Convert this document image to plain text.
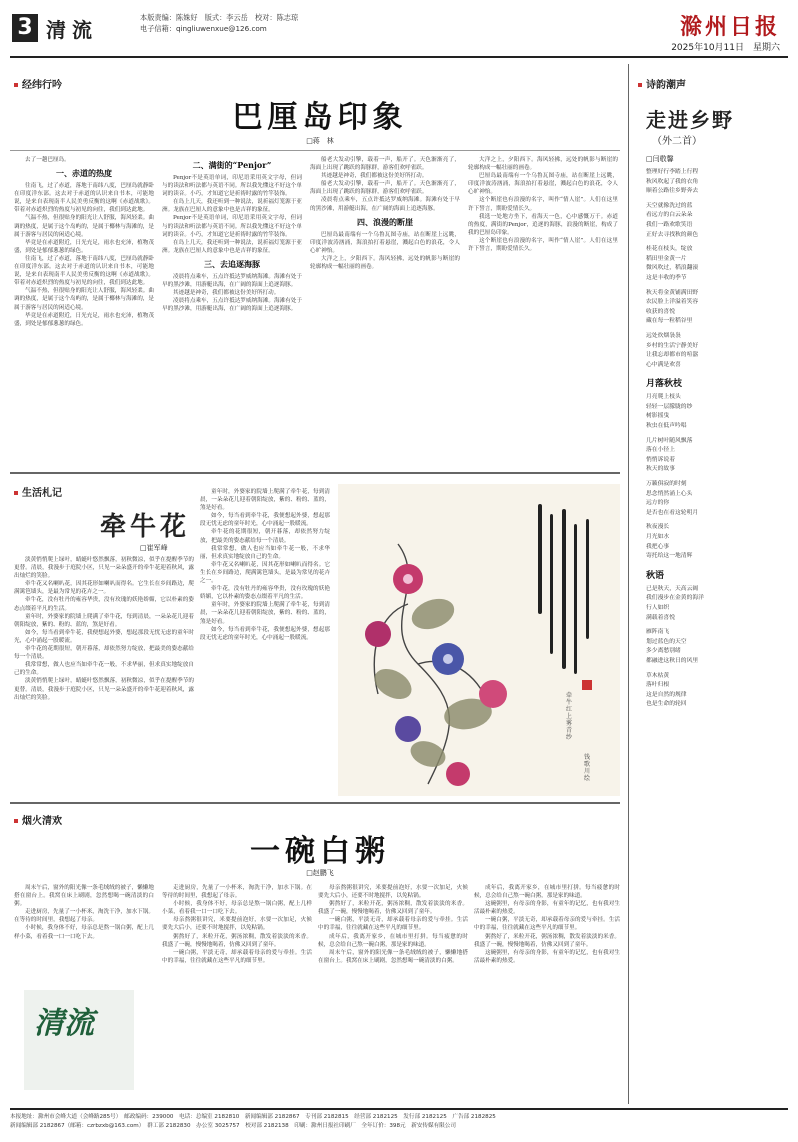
3 清流
本版责编：陈姝好　版式：李云岳　校对：陈志琼
电子信箱：qingliuwenxue@126.com	滁州日报
2025年10月11日　星期六
经纬行吟
巴厘岛印象
□蒋　林

去了一趟巴厘岛。

一、赤道的热度

往南飞，过了赤道，落地于南纬八度，巴厘岛就静卧在印度洋东部。这去对于赤道的认识来自书本，可能地说，是来自表现南半人民美勇反衡的这啊《赤道战歌》。带着对赤道炽烈的热度与初见的向往，我们到达此地。

气温不热，但很贴身的阳光让人舒服，海风轻柔。曲调的热度，是属于这个岛屿的，是属于椰林与海滩的，是属于游客与居民的闲适心境。

毕竟是在赤道附近，日光充足，雨水也充沛，植物茂盛，到处是郁郁葱葱的绿色。

往南飞，过了赤道，落地于南纬八度，巴厘岛就静卧在印度洋东部。这去对于赤道的认识来自书本，可能地说，是来自表现南半人民美勇反衡的这啊《赤道战歌》。带着对赤道炽烈的热度与初见的向往，我们到达此地。

气温不热，但很贴身的阳光让人舒服，海风轻柔。曲调的热度，是属于这个岛屿的，是属于椰林与海滩的，是属于游客与居民的闲适心境。

毕竟是在赤道附近，日光充足，雨水也充沛，植物茂盛，到处是郁郁葱葱的绿色。

二、满街的“Penjor”

Penjor不是英语单词，印尼语采用英文字母，但词与的读法和听法都与英语不同。所以我先懂这不好这个单词的读音。小巧，才知道它是祈祷时露的竹竿装饰。

在岛上几天，我还听到一种说法，说祈福灯笼源于亚洲。龙族在巴厘人的意象中也是吉祥的象征。

Penjor不是英语单词，印尼语采用英文字母，但词与的读法和听法都与英语不同。所以我先懂这不好这个单词的读音。小巧，才知道它是祈祷时露的竹竿装饰。

在岛上几天，我还听到一种说法，说祈福灯笼源于亚洲。龙族在巴厘人的意象中也是吉祥的象征。

三、去追逐海豚

凌晨将点乘车，五点许抵达罗威纳海滩。海滩有处于早的黑沙滩，用游艇出海，在广阔的海面上追逐海豚。

其迹越是神奇，我们都被这份美好所打动。

凌晨将点乘车，五点许抵达罗威纳海滩。海滩有处于早的黑沙滩，用游艇出海，在广阔的海面上追逐海豚。

船老大发动引擎，载着一声，船开了。天色渐渐亮了，海面上出现了跳跃的海豚群，游客们欢呼雀跃。

其迹越是神奇，我们都被这份美好所打动。

船老大发动引擎，载着一声，船开了。天色渐渐亮了，海面上出现了跳跃的海豚群，游客们欢呼雀跃。

凌晨将点乘车，五点许抵达罗威纳海滩。海滩有处于早的黑沙滩，用游艇出海，在广阔的海面上追逐海豚。

四、浪漫的断崖

巴厘岛最南端有一个乌鲁瓦图寺庙，站在断崖上远眺，印度洋波涛汹涌，海浪拍打着悬崖，溅起白色的浪花，令人心旷神怡。

大洋之上，夕阳西下。海风轻拂，远处的帆影与断崖的轮廓构成一幅壮丽的画卷。

大洋之上，夕阳西下。海风轻拂，远处的帆影与断崖的轮廓构成一幅壮丽的画卷。

巴厘岛最南端有一个乌鲁瓦图寺庙，站在断崖上远眺，印度洋波涛汹涌，海浪拍打着悬崖，溅起白色的浪花，令人心旷神怡。

这个断崖也有浪漫的名字，叫作“情人崖”。人们在这里许下誓言，期盼爱情长久。

我选一处地方坐下，看海天一色，心中感慨万千。赤道的热度，满街的Penjor，追逐的海豚，浪漫的断崖，构成了我的巴厘岛印象。

这个断崖也有浪漫的名字，叫作“情人崖”。人们在这里许下誓言，期盼爱情长久。

生活札记
牵牛花
□崔军峰

淡黄悄悄爬上绿叶，蜻蜓叶悠然飘落，初秋微凉，似乎在提醒季节的更替。清晨，我漫步于庭院小区，只见一朵朵盛开的牵牛花迎着秋风，露出灿烂的笑脸。

牵牛花又名喇叭花，因其花形如喇叭而得名。它生长在乡间路边，爬满篱笆墙头，是最为常见的花卉之一。

牵牛花，没有牡丹的雍容华贵，没有玫瑰的妖艳娇媚，它以朴素的姿态点缀着平凡的生活。

童年时，外婆家的院墙上爬满了牵牛花，每到清晨，一朵朵花儿迎着朝阳绽放，紫的、粉的、蓝的，煞是好看。

如今，每当看到牵牛花，我便想起外婆，想起那段无忧无虑的童年时光，心中涌起一股暖流。

牵牛花的花期很短，朝开暮落，却依然努力绽放，把最美的姿态献给每一个清晨。

我常常想，做人也应当如牵牛花一般，不求华丽，但求真实地绽放自己的生命。

淡黄悄悄爬上绿叶，蜻蜓叶悠然飘落，初秋微凉，似乎在提醒季节的更替。清晨，我漫步于庭院小区，只见一朵朵盛开的牵牛花迎着秋风，露出灿烂的笑脸。

童年时，外婆家的院墙上爬满了牵牛花，每到清晨，一朵朵花儿迎着朝阳绽放，紫的、粉的、蓝的，煞是好看。

如今，每当看到牵牛花，我便想起外婆，想起那段无忧无虑的童年时光，心中涌起一股暖流。

牵牛花的花期很短，朝开暮落，却依然努力绽放，把最美的姿态献给每一个清晨。

我常常想，做人也应当如牵牛花一般，不求华丽，但求真实地绽放自己的生命。

牵牛花又名喇叭花，因其花形如喇叭而得名。它生长在乡间路边，爬满篱笆墙头，是最为常见的花卉之一。

牵牛花，没有牡丹的雍容华贵，没有玫瑰的妖艳娇媚，它以朴素的姿态点缀着平凡的生活。

童年时，外婆家的院墙上爬满了牵牛花，每到清晨，一朵朵花儿迎着朝阳绽放，紫的、粉的、蓝的，煞是好看。

如今，每当看到牵牛花，我便想起外婆，想起那段无忧无虑的童年时光，心中涌起一股暖流。

牵牛红上雾青纱
钱歌川 绘
烟火清欢
一碗白粥
□赵鹏飞

周末午后，窗外的阳光像一条毛绒绒的被子，懒懒地搭在窗台上。我窝在床上刷剧，忽然想喝一碗清淡的白粥。

走进厨房，先量了一小杯米，淘洗干净，加水下锅。在等待的时间里，我想起了母亲。

小时候，我身体不好，母亲总是熬一锅白粥，配上几样小菜，看着我一口一口吃下去。

清流

走进厨房，先量了一小杯米，淘洗干净，加水下锅。在等待的时间里，我想起了母亲。

小时候，我身体不好，母亲总是熬一锅白粥，配上几样小菜，看着我一口一口吃下去。

母亲熬粥很讲究，米要提前泡好，水要一次加足，火候要先大后小，还要不时地搅拌，以免粘锅。

粥熬好了，米粒开花，粥汤浓稠，散发着淡淡的米香。我盛了一碗，慢慢地喝着，仿佛又回到了童年。

一碗白粥，平淡无奇，却承载着母亲的爱与牵挂。生活中的幸福，往往就藏在这些平凡的细节里。

母亲熬粥很讲究，米要提前泡好，水要一次加足，火候要先大后小，还要不时地搅拌，以免粘锅。

粥熬好了，米粒开花，粥汤浓稠，散发着淡淡的米香。我盛了一碗，慢慢地喝着，仿佛又回到了童年。

一碗白粥，平淡无奇，却承载着母亲的爱与牵挂。生活中的幸福，往往就藏在这些平凡的细节里。

成年后，我离开家乡，在城市里打拼。每当疲惫的时候，总会给自己熬一碗白粥，那是家的味道。

周末午后，窗外的阳光像一条毛绒绒的被子，懒懒地搭在窗台上。我窝在床上刷剧，忽然想喝一碗清淡的白粥。

成年后，我离开家乡，在城市里打拼。每当疲惫的时候，总会给自己熬一碗白粥，那是家的味道。

这碗粥里，有母亲的身影，有童年的记忆，也有我对生活最朴素的热爱。

一碗白粥，平淡无奇，却承载着母亲的爱与牵挂。生活中的幸福，往往就藏在这些平凡的细节里。

粥熬好了，米粒开花，粥汤浓稠，散发着淡淡的米香。我盛了一碗，慢慢地喝着，仿佛又回到了童年。

这碗粥里，有母亲的身影，有童年的记忆，也有我对生活最朴素的热爱。

诗韵潮声
走进乡野
（外二首）
□闫敬馨
整理好行李踏上行程
秋风吹起了我的衣角
顺着公路往乡野奔去

天空就像洗过的蓝
看远方的白云朵朵
我们一路欢歌笑语
正好去寻找秋的颜色

桂花在枝头，绽放
稻田里金黄一片
微风吹过，稻浪翻滚
这是丰收的季节

秋天将金黄铺满田野
农民脸上洋溢着笑容
收获的喜悦
藏在每一粒稻谷里

远处炊烟袅袅
乡村的生活宁静美好
让我忘却都市的喧嚣
心中满是欢喜
月落秋枝
月亮爬上枝头
轻轻一层朦胧的纱
树影摇曳
秋虫在低声吟唱

几片树叶随风飘落
落在小径上
悄悄诉说着
秋天的故事

万籁俱寂的时刻
思念悄然涌上心头
远方的你
是否也在看这轮明月

秋夜漫长
月光如水
我把心事
寄托给这一地清辉
秋语
已是秋天，天高云阔
我们漫步在金黄的海洋
行人如织
满载着喜悦

雁阵南飞
划过蓝色的天空
多少离愁别绪
都融进这秋日的风里

草木枯黄
落叶归根
这是自然的规律
也是生命的轮回
本报地址：滁州市会峰大道（会峰路285号）　邮政编码：239000　电话：总编室 2182810　新闻编辑部 2182867　专刊部 2182815　经营部 2182125　发行部 2182125　广告部 2182825
新闻编辑部 2182867（邮箱：czrbzxb@163.com）　群工部 2182830　办公室 3025757　校对部 2182138　印刷：滁州日报社印刷厂　全年订价：398元　新安传媒有限公司
